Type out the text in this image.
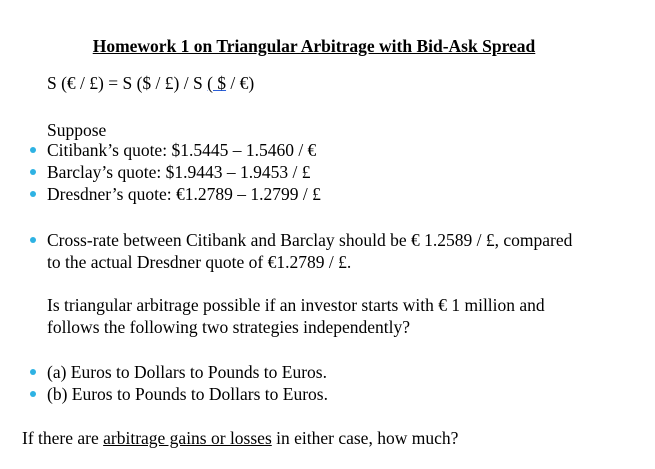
Homework 1 on Triangular Arbitrage with Bid-Ask Spread
S (€ / £) = S ($ / £) / S ( $ / €)
Suppose
Citibank’s quote: $1.5445 – 1.5460 / €
Barclay’s quote: $1.9443 – 1.9453 / £
Dresdner’s quote: €1.2789 – 1.2799 / £
Cross-rate between Citibank and Barclay should be € 1.2589 / £, compared
to the actual Dresdner quote of €1.2789 / £.
Is triangular arbitrage possible if an investor starts with € 1 million and
follows the following two strategies independently?
(a) Euros to Dollars to Pounds to Euros.
(b) Euros to Pounds to Dollars to Euros.
If there are arbitrage gains or losses in either case, how much?
